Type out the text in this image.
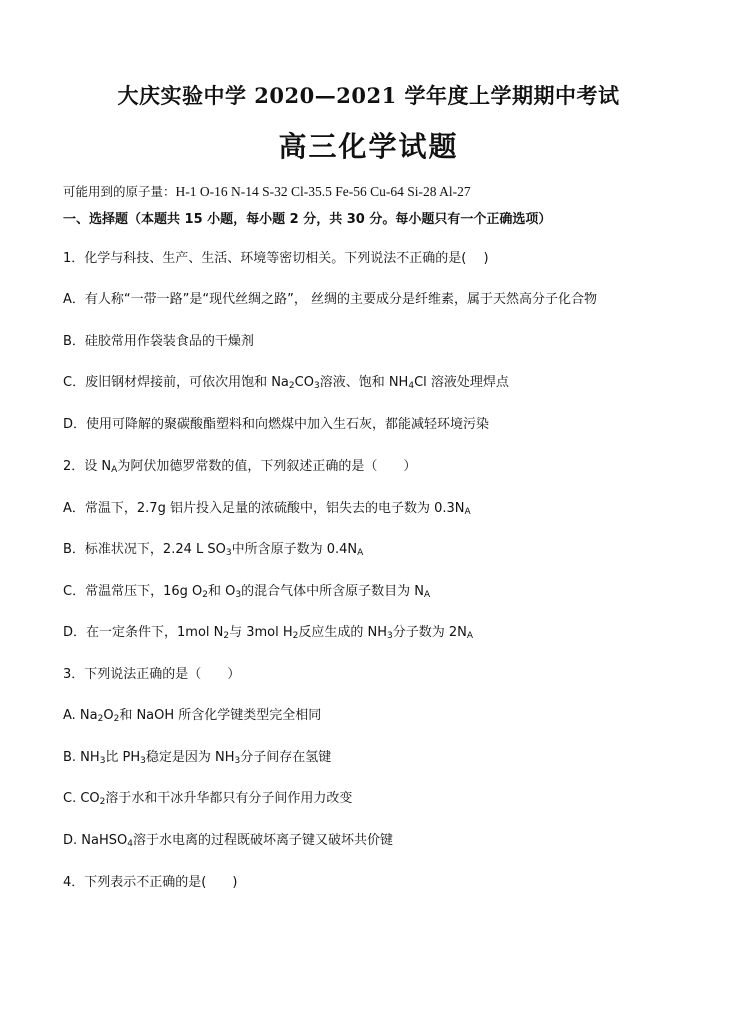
大庆实验中学 2020—2021 学年度上学期期中考试
高三化学试题
可能用到的原子量：H-1 O-16 N-14 S-32 Cl-35.5 Fe-56 Cu-64 Si-28 Al-27
一、选择题（本题共 15 小题，每小题 2 分，共 30 分。每小题只有一个正确选项）
1．化学与科技、生产、生活、环境等密切相关。下列说法不正确的是(　 )
A．有人称“一带一路”是“现代丝绸之路”， 丝绸的主要成分是纤维素，属于天然高分子化合物
B．硅胶常用作袋装食品的干燥剂
C．废旧钢材焊接前，可依次用饱和 $Na_2CO_3$溶液、饱和 $NH_4Cl$ 溶液处理焊点
D．使用可降解的聚碳酸酯塑料和向燃煤中加入生石灰，都能减轻环境污染
2．设 $N_A$为阿伏加德罗常数的值，下列叙述正确的是（　　）
A．常温下，2.7g 铝片投入足量的浓硫酸中，铝失去的电子数为 $0.3N_A$
B．标准状况下，2.24 L $SO_3$中所含原子数为 $0.4N_A$
C．常温常压下，16g $O_2$和 $O_3$的混合气体中所含原子数目为 $N_A$
D．在一定条件下，1mol $N_2$与 3mol $H_2$反应生成的 $NH_3$分子数为 $2N_A$
3．下列说法正确的是（　　）
A. $Na_2O_2$和 NaOH 所含化学键类型完全相同
B. $NH_3$比 $PH_3$稳定是因为 $NH_3$分子间存在氢键
C. $CO_2$溶于水和干冰升华都只有分子间作用力改变
D. NaHSO$_4$溶于水电离的过程既破坏离子键又破坏共价键
4．下列表示不正确的是(　　)
